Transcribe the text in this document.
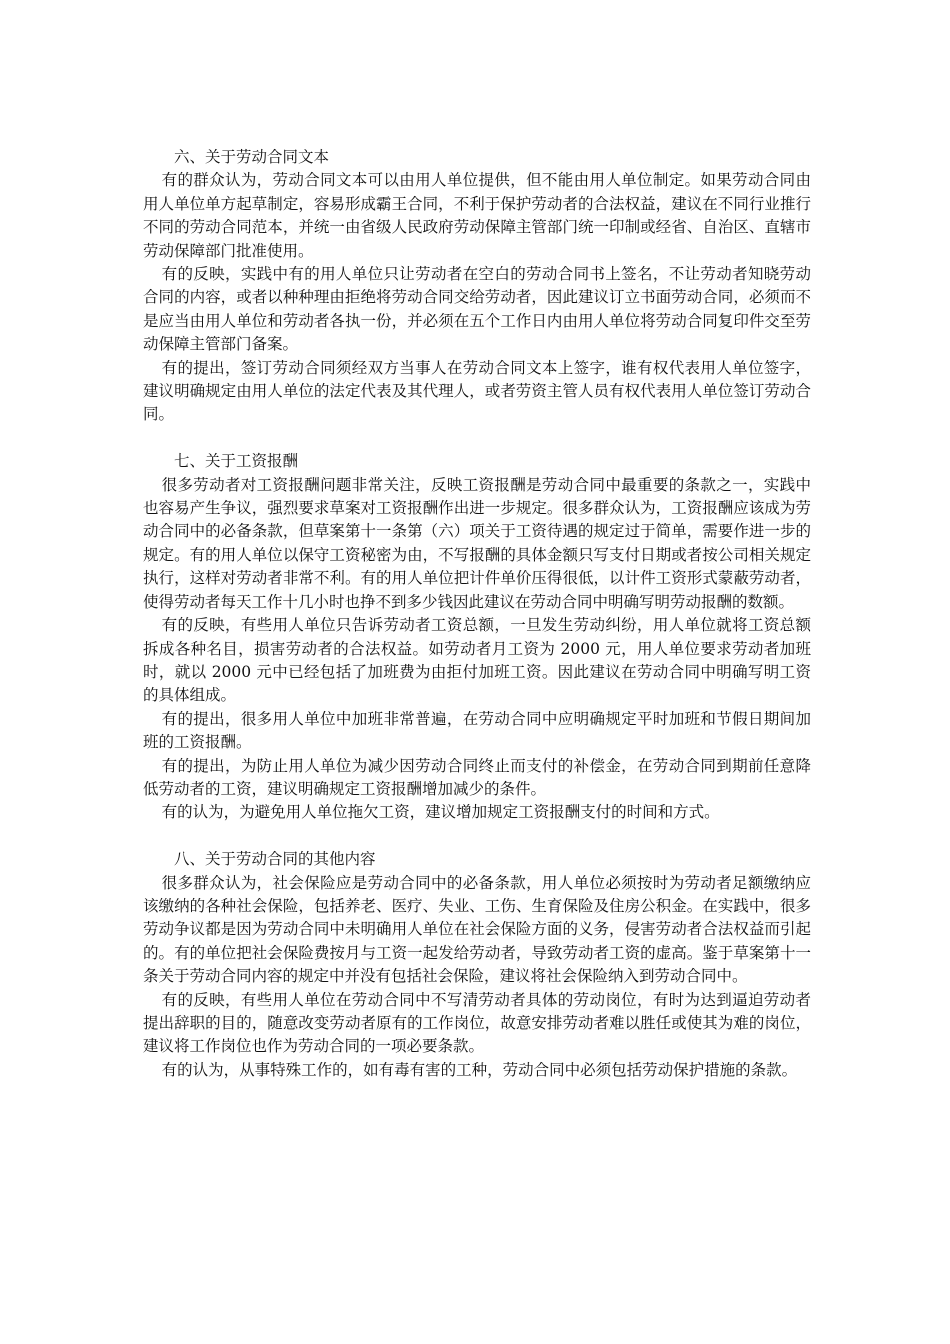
六、关于劳动合同文本

有的群众认为，劳动合同文本可以由用人单位提供，但不能由用人单位制定。如果劳动合同由用人单位单方起草制定，容易形成霸王合同，不利于保护劳动者的合法权益，建议在不同行业推行不同的劳动合同范本，并统一由省级人民政府劳动保障主管部门统一印制或经省、自治区、直辖市劳动保障部门批准使用。

有的反映，实践中有的用人单位只让劳动者在空白的劳动合同书上签名，不让劳动者知晓劳动合同的内容，或者以种种理由拒绝将劳动合同交给劳动者，因此建议订立书面劳动合同，必须而不是应当由用人单位和劳动者各执一份，并必须在五个工作日内由用人单位将劳动合同复印件交至劳动保障主管部门备案。

有的提出，签订劳动合同须经双方当事人在劳动合同文本上签字，谁有权代表用人单位签字，建议明确规定由用人单位的法定代表及其代理人，或者劳资主管人员有权代表用人单位签订劳动合同。

七、关于工资报酬

很多劳动者对工资报酬问题非常关注，反映工资报酬是劳动合同中最重要的条款之一，实践中也容易产生争议，强烈要求草案对工资报酬作出进一步规定。很多群众认为，工资报酬应该成为劳动合同中的必备条款，但草案第十一条第（六）项关于工资待遇的规定过于简单，需要作进一步的规定。有的用人单位以保守工资秘密为由，不写报酬的具体金额只写支付日期或者按公司相关规定执行，这样对劳动者非常不利。有的用人单位把计件单价压得很低，以计件工资形式蒙蔽劳动者，使得劳动者每天工作十几小时也挣不到多少钱因此建议在劳动合同中明确写明劳动报酬的数额。

有的反映，有些用人单位只告诉劳动者工资总额，一旦发生劳动纠纷，用人单位就将工资总额拆成各种名目，损害劳动者的合法权益。如劳动者月工资为 2000 元，用人单位要求劳动者加班时，就以 2000 元中已经包括了加班费为由拒付加班工资。因此建议在劳动合同中明确写明工资的具体组成。

有的提出，很多用人单位中加班非常普遍，在劳动合同中应明确规定平时加班和节假日期间加班的工资报酬。

有的提出，为防止用人单位为减少因劳动合同终止而支付的补偿金，在劳动合同到期前任意降低劳动者的工资，建议明确规定工资报酬增加减少的条件。

有的认为，为避免用人单位拖欠工资，建议增加规定工资报酬支付的时间和方式。

八、关于劳动合同的其他内容

很多群众认为，社会保险应是劳动合同中的必备条款，用人单位必须按时为劳动者足额缴纳应该缴纳的各种社会保险，包括养老、医疗、失业、工伤、生育保险及住房公积金。在实践中，很多劳动争议都是因为劳动合同中未明确用人单位在社会保险方面的义务，侵害劳动者合法权益而引起的。有的单位把社会保险费按月与工资一起发给劳动者，导致劳动者工资的虚高。鉴于草案第十一条关于劳动合同内容的规定中并没有包括社会保险，建议将社会保险纳入到劳动合同中。

有的反映，有些用人单位在劳动合同中不写清劳动者具体的劳动岗位，有时为达到逼迫劳动者提出辞职的目的，随意改变劳动者原有的工作岗位，故意安排劳动者难以胜任或使其为难的岗位，建议将工作岗位也作为劳动合同的一项必要条款。

有的认为，从事特殊工作的，如有毒有害的工种，劳动合同中必须包括劳动保护措施的条款。
